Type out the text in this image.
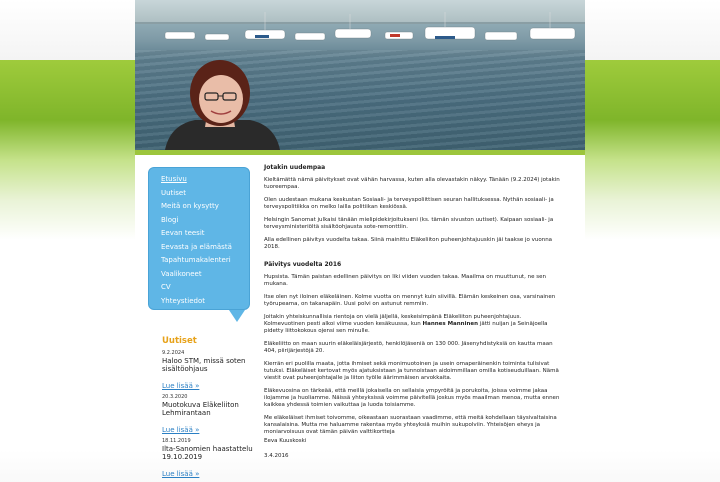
Etusivu
Uutiset
Meitä on kysytty
Blogi
Eevan teesit
Eevasta ja elämästä
Tapahtumakalenteri
Vaalikoneet
CV
Yhteystiedot
Uutiset
9.2.2024
Haloo STM, missä soten sisältöohjaus
Lue lisää »
20.3.2020
Muotokuva Eläkeliiton Lehmirantaan
Lue lisää »
18.11.2019
Ilta-Sanomien haastattelu 19.10.2019
Lue lisää »
Jotakin uudempaa

Kieltämättä nämä päivitykset ovat vähän harvassa, kuten alla olevastakin näkyy. Tänään (9.2.2024) jotakin tuoreempaa.

Olen uudestaan mukana keskustan Sosiaali- ja terveyspoliittisen seuran hallituksessa. Nythän sosiaali- ja terveyspolitiikka on melko lailla politiikan keskiössä.

Helsingin Sanomat julkaisi tänään mielipidekirjoitukseni (ks. tämän sivuston uutiset). Kaipaan sosiaali- ja terveysministeriöltä sisältöohjausta sote-remonttiin.

Alla edellinen päivitys vuodelta takaa. Siinä mainittu Eläkeliiton puheenjohtajuuskin jäi taakse jo vuonna 2018.

Päivitys vuodelta 2016

Hupsista. Tämän paistan edellinen päivitys on liki viiden vuoden takaa. Maailma on muuttunut, ne sen mukana.

Itse olen nyt iloinen eläkeläinen. Kolme vuotta on mennyt kuin siivillä. Elämän keskeinen osa, varsinainen työrupeama, on takanapäin. Uusi polvi on astunut remmiin.

Joitakin yhteiskunnallisia rientoja on vielä jäljellä, keskeisimpänä Eläkeliiton puheenjohtajuus. Kolmevuotinen pesti alkoi viime vuoden kesäkuussa, kun Hannes Manninen jätti nuijan ja Seinäjoella pidetty liittokokous ojensi sen minulle.

Eläkeliitto on maan suurin eläkeläisjärjestö, henkilöjäseniä on 130 000. Jäsenyhdistyksiä on kautta maan 404, piirijärjestöjä 20.

Kierrän eri puolilla maata, jotta ihmiset sekä monimuotoinen ja usein omaperäinenkin toiminta tulisivat tutuksi. Eläkeläiset kertovat myös ajatuksistaan ja tunnoistaan aidoimmillaan omilla kotiseuduillaan. Nämä viestit ovat puheenjohtajalle ja liiton työlle äärimmäisen arvokkaita.

Eläkevuosina on tärkeää, että meillä jokaisella on sellaisia ympyröitä ja porukoita, joissa voimme jakaa ilojamme ja huoliamme. Näissä yhteyksissä voimme päivitellä joskus myös maailman menoa, mutta ennen kaikkea yhdessä toimien vaikuttaa ja luoda toisiamme.

Me eläkeläiset ihmiset toivomme, oikeastaan suorastaan vaadimme, että meitä kohdellaan täysivaltaisina kansalaisina. Mutta me haluamme rakentaa myös yhteyksiä muihin sukupolviin. Yhteisöjen eheys ja moniarvoisuus ovat tämän päivän valttikortteja

Eeva Kuuskoski

3.4.2016
